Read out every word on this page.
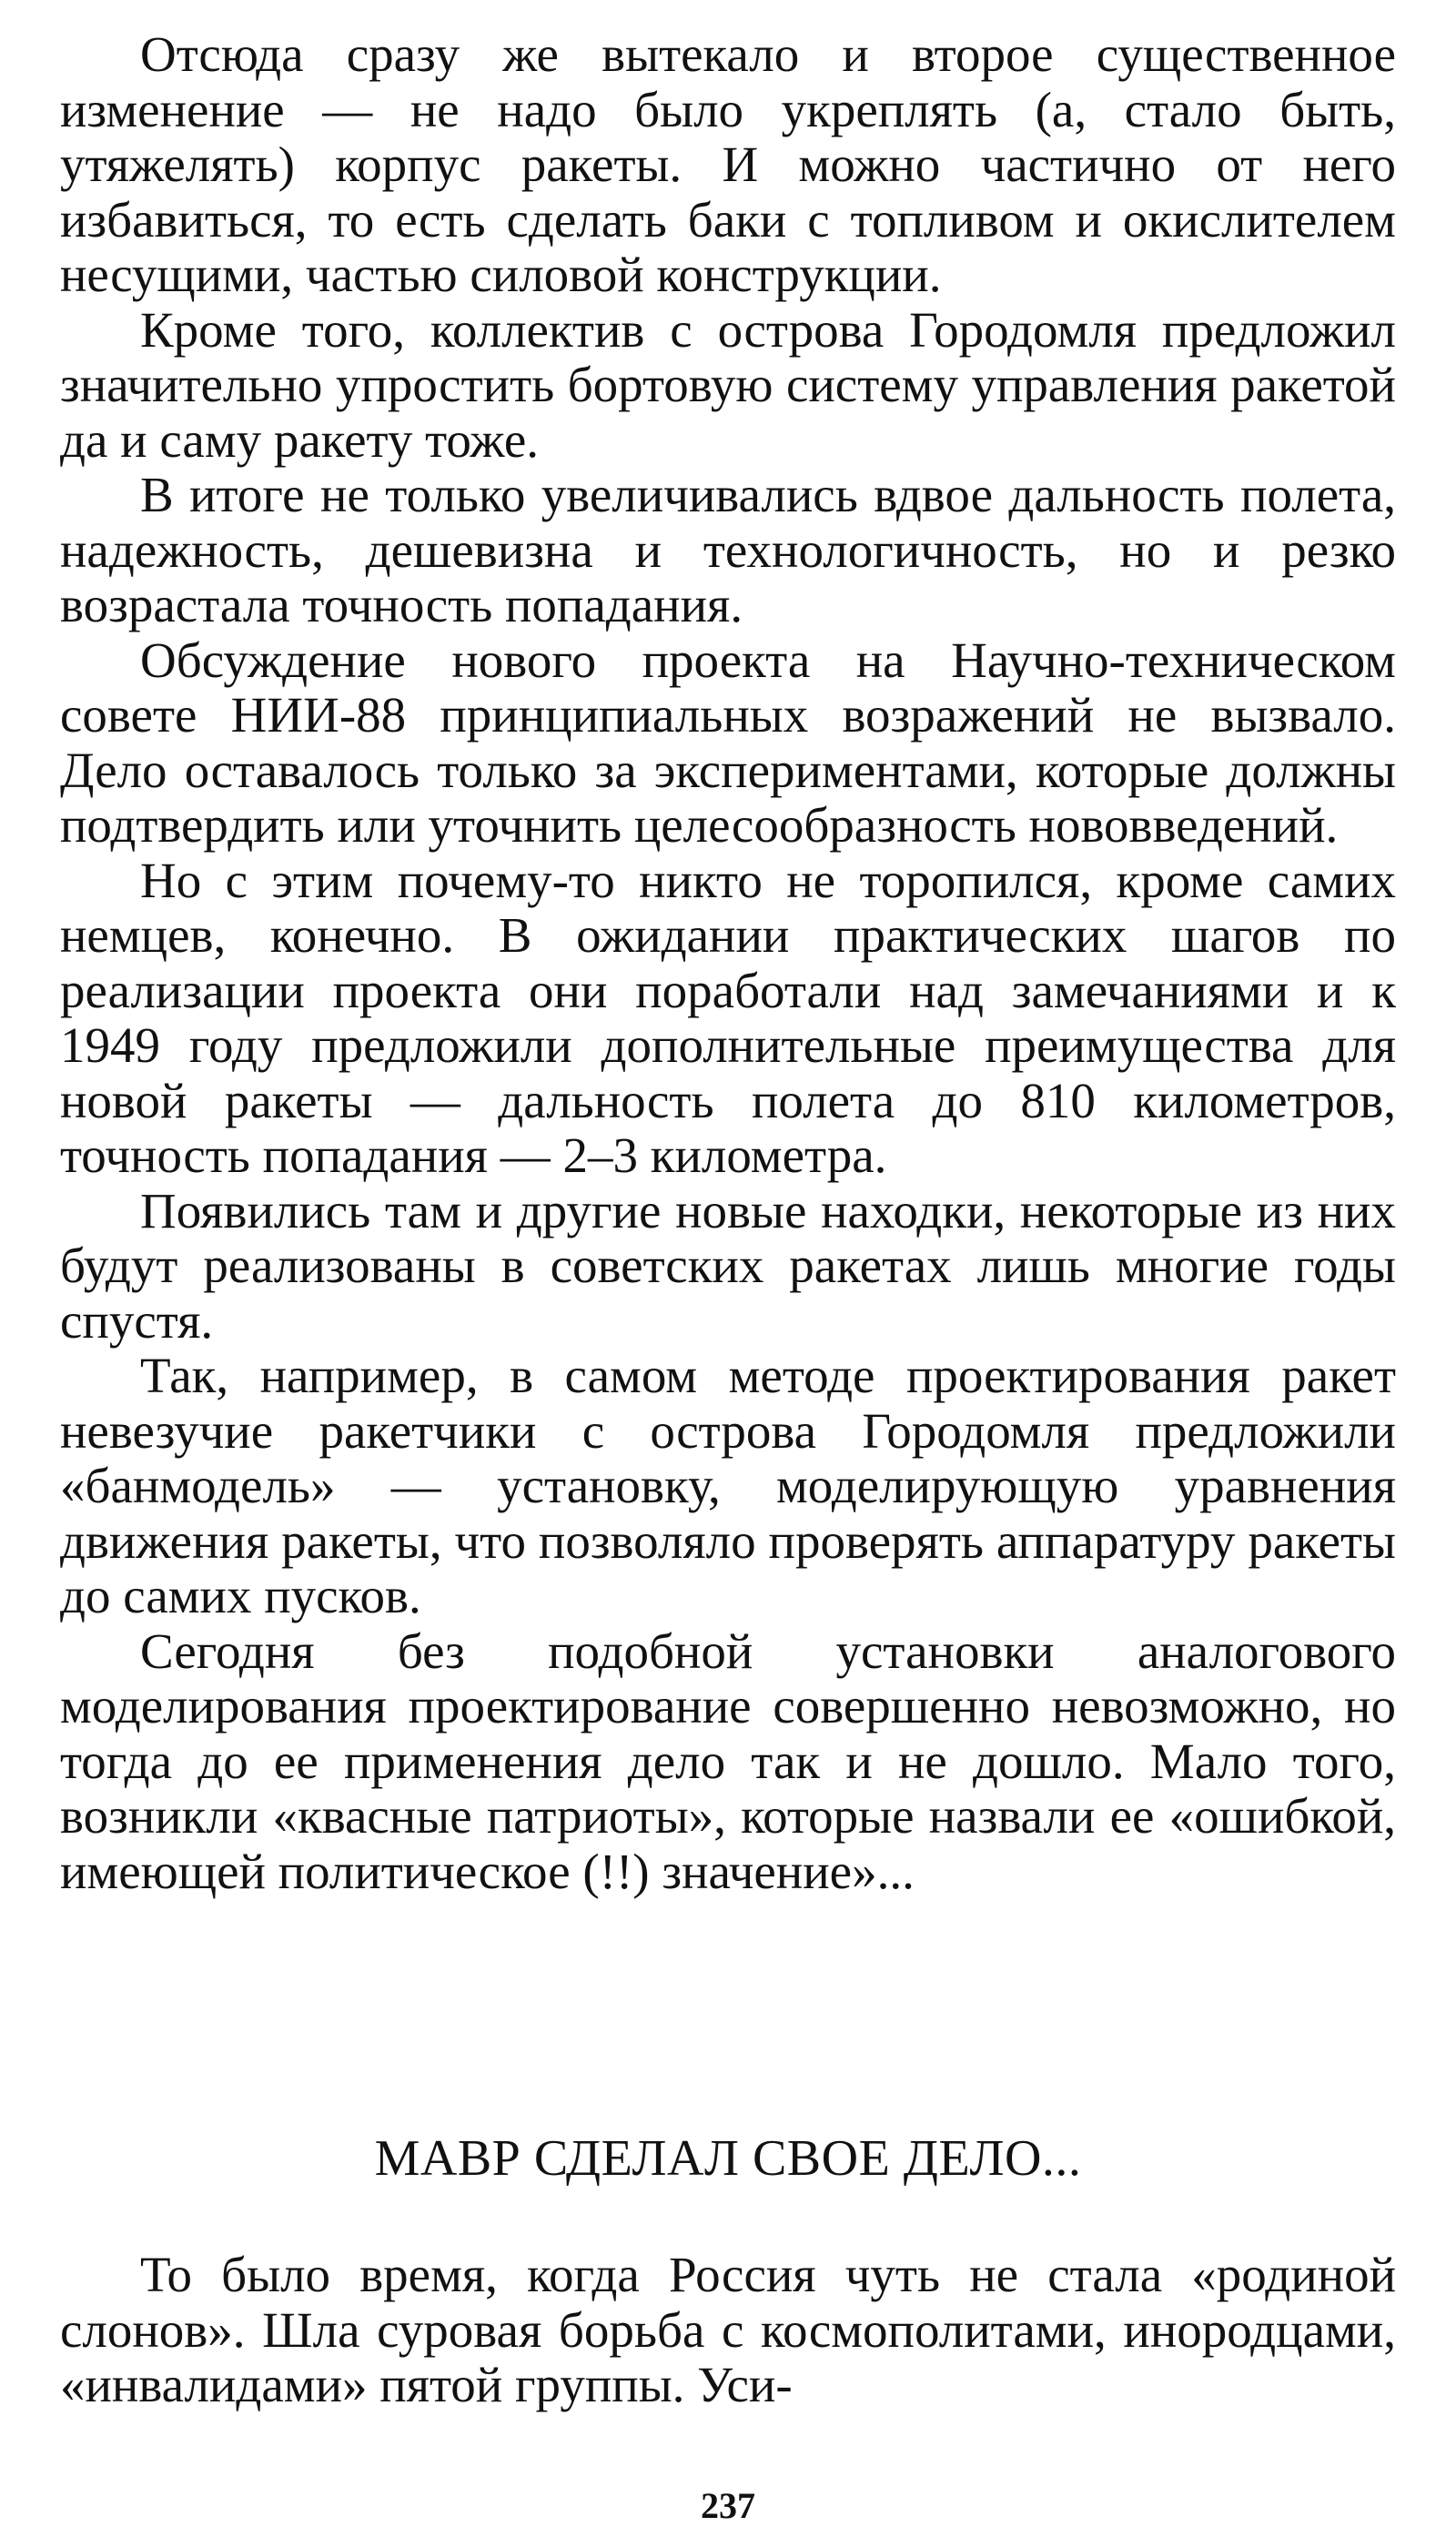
Отсюда сразу же вытекало и второе существенное изменение — не надо было укреплять (а, стало быть, утяжелять) корпус ракеты. И можно частично от него избавиться, то есть сделать баки с топливом и окислителем несущими, частью силовой конструкции.

Кроме того, коллектив с острова Городомля предложил значительно упростить бортовую систему управления ракетой да и саму ракету тоже.

В итоге не только увеличивались вдвое дальность полета, надежность, дешевизна и технологичность, но и резко возрастала точность попадания.

Обсуждение нового проекта на Научно-техническом совете НИИ-88 принципиальных возражений не вызвало. Дело оставалось только за экспериментами, которые должны подтвердить или уточнить целесообразность нововведений.

Но с этим почему-то никто не торопился, кроме самих немцев, конечно. В ожидании практических шагов по реализации проекта они поработали над замечаниями и к 1949 году предложили дополнительные преимущества для новой ракеты — дальность полета до 810 километров, точность попадания — 2–3 километра.

Появились там и другие новые находки, некоторые из них будут реализованы в советских ракетах лишь многие годы спустя.

Так, например, в самом методе проектирования ракет невезучие ракетчики с острова Городомля предложили «банмодель» — установку, моделирующую уравнения движения ракеты, что позволяло проверять аппаратуру ракеты до самих пусков.

Сегодня без подобной установки аналогового моделирования проектирование совершенно невозможно, но тогда до ее применения дело так и не дошло. Мало того, возникли «квасные патриоты», которые назвали ее «ошибкой, имеющей политическое (!!) значение»...

МАВР СДЕЛАЛ СВОЕ ДЕЛО...

То было время, когда Россия чуть не стала «родиной слонов». Шла суровая борьба с космополитами, инородцами, «инвалидами» пятой группы. Уси-

237
